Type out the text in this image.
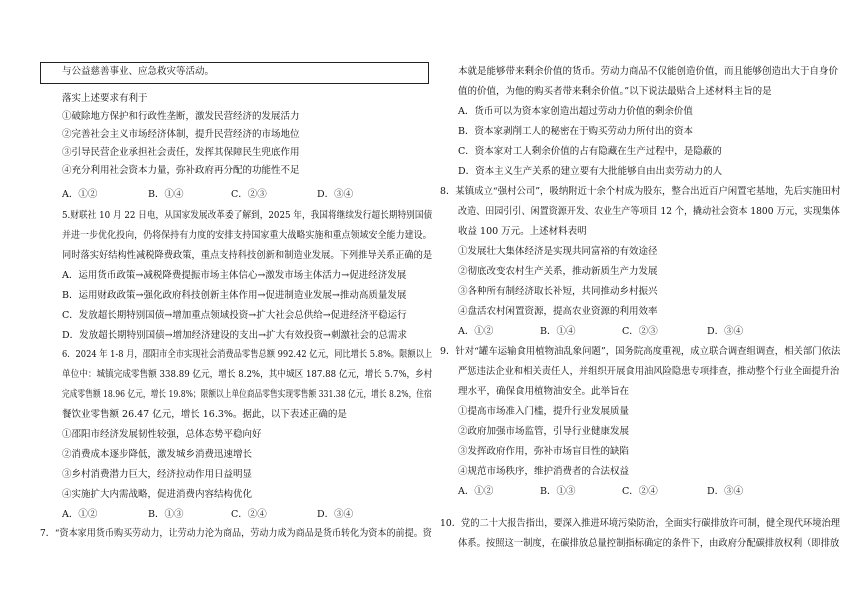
与公益慈善事业、应急救灾等活动。
落实上述要求有利于
①破除地方保护和行政性垄断，激发民营经济的发展活力
②完善社会主义市场经济体制，提升民营经济的市场地位
③引导民营企业承担社会责任，发挥其保障民生兜底作用
④充分利用社会资本力量，弥补政府再分配的功能性不足
A．①②	B．①④	C．②③	D．③④
5.财联社 10 月 22 日电，从国家发展改革委了解到，2025 年，我国将继续发行超长期特别国债
并进一步优化投向，仍将保持有力度的安排支持国家重大战略实施和重点领域安全能力建设。
同时落实好结构性减税降费政策，重点支持科技创新和制造业发展。下列推导关系正确的是
A．运用货币政策→减税降费提振市场主体信心→激发市场主体活力→促进经济发展
B．运用财政政策→强化政府科技创新主体作用→促进制造业发展→推动高质量发展
C．发放超长期特别国债→增加重点领域投资→扩大社会总供给→促进经济平稳运行
D．发放超长期特别国债→增加经济建设的支出→扩大有效投资→刺激社会的总需求
6．2024 年 1-8 月，邵阳市全市实现社会消费品零售总额 992.42 亿元，同比增长 5.8%。限额以上
单位中：城镇完成零售额 338.89 亿元，增长 8.2%，其中城区 187.88 亿元，增长 5.7%，乡村
完成零售额 18.96 亿元，增长 19.8%；限额以上单位商品零售实现零售额 331.38 亿元，增长 8.2%，住宿
餐饮业零售额 26.47 亿元，增长 16.3%。据此，以下表述正确的是
①邵阳市经济发展韧性较强，总体态势平稳向好
②消费成本逐步降低，激发城乡消费迅速增长
③乡村消费潜力巨大，经济拉动作用日益明显
④实施扩大内需战略，促进消费内容结构优化
A．①②	B．①③	C．②④	D．③④
7．“资本家用货币购买劳动力，让劳动力沦为商品，劳动力成为商品是货币转化为资本的前提。资
本就是能够带来剩余价值的货币。劳动力商品不仅能创造价值，而且能够创造出大于自身价
值的价值，为他的购买者带来剩余价值。”以下说法最贴合上述材料主旨的是
A．货币可以为资本家创造出超过劳动力价值的剩余价值
B．资本家剥削工人的秘密在于购买劳动力所付出的资本
C．资本家对工人剩余价值的占有隐藏在生产过程中，是隐蔽的
D．资本主义生产关系的建立要有大批能够自由出卖劳动力的人
8．某镇成立“强村公司”，吸纳附近十余个村成为股东，整合出近百户闲置宅基地，先后实施田村
改造、田园引引、闲置资源开发、农业生产等项目 12 个，撬动社会资本 1800 万元，实现集体
收益 100 万元。上述材料表明
①发展壮大集体经济是实现共同富裕的有效途径
②彻底改变农村生产关系，推动新质生产力发展
③各种所有制经济取长补短，共同推动乡村振兴
④盘活农村闲置资源，提高农业资源的利用效率
A．①②	B．①④	C．②③	D．③④
9．针对“罐车运输食用植物油乱象问题”，国务院高度重视，成立联合调查组调查，相关部门依法
严惩违法企业和相关责任人，并组织开展食用油风险隐患专项排查，推动整个行业全面提升治
理水平，确保食用植物油安全。此举旨在
①提高市场准入门槛，提升行业发展质量
②政府加强市场监管，引导行业健康发展
③发挥政府作用，弥补市场盲目性的缺陷
④规范市场秩序，维护消费者的合法权益
A．①②	B．①③	C．②④	D．③④
10．党的二十大报告指出，要深入推进环境污染防治，全面实行碳排放许可制，健全现代环境治理
体系。按照这一制度，在碳排放总量控制指标确定的条件下，由政府分配碳排放权利（即排放
